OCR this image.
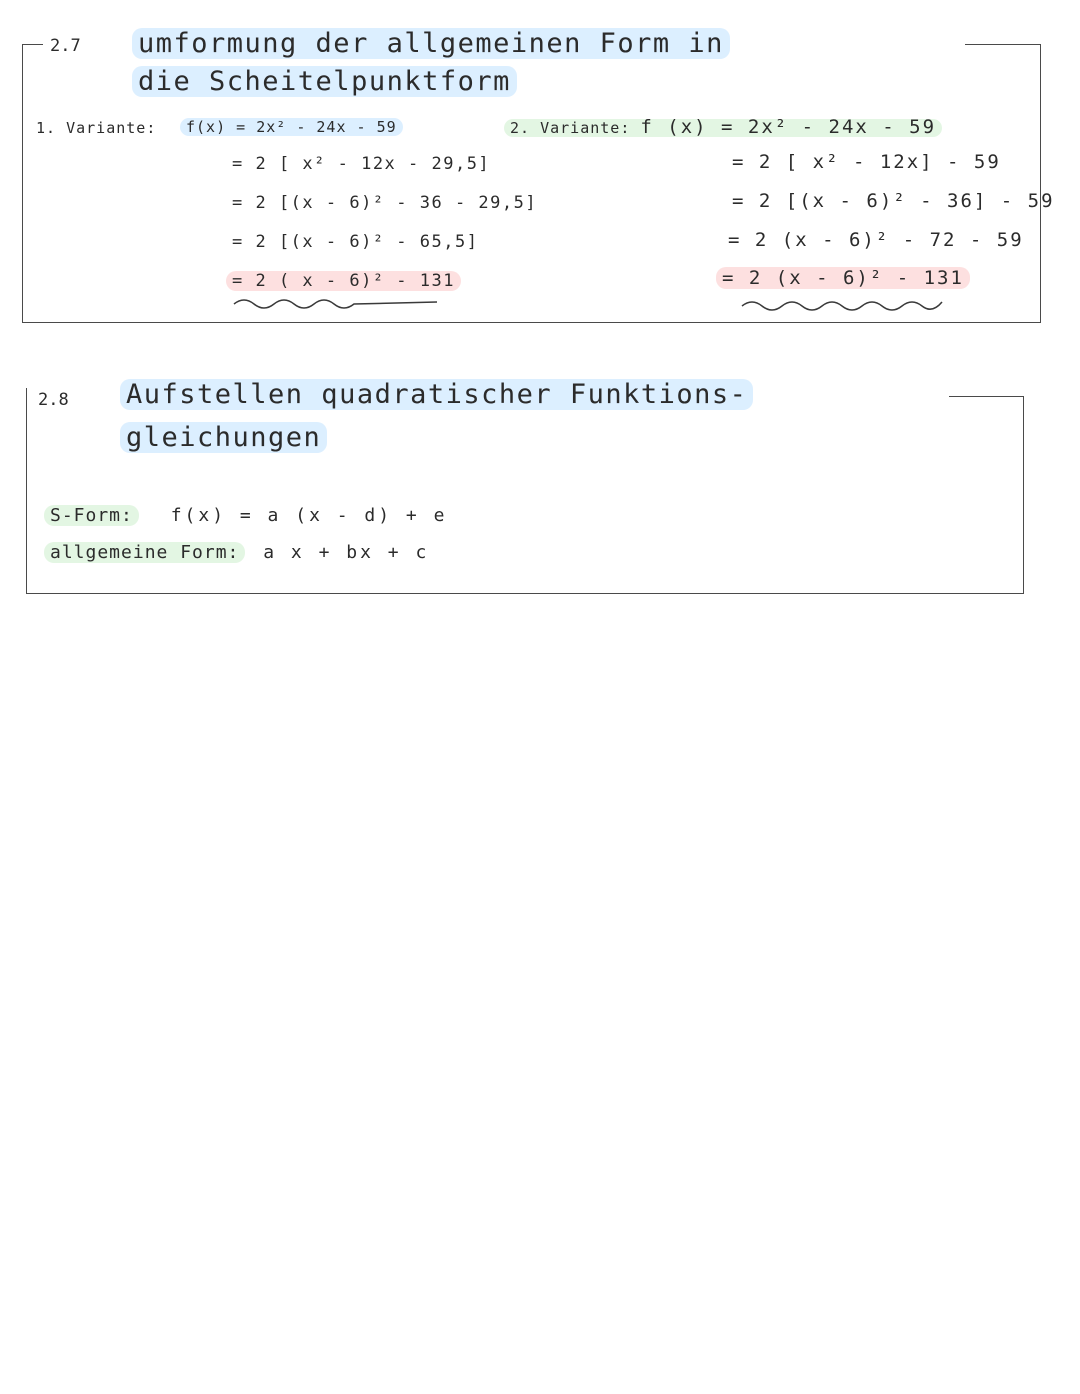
2.7 umformung der allgemeinen Form in
die Scheitelpunktform
1. Variante:	f(x) = 2x² - 24x - 59
= 2 [ x² - 12x - 29,5]
= 2 [(x - 6)² - 36 - 29,5]
= 2 [(x - 6)² - 65,5]
= 2 ( x - 6)² - 131
2. Variante: f (x) = 2x² - 24x - 59
= 2 [ x² - 12x] - 59
= 2 [(x - 6)² - 36] - 59
= 2 (x - 6)² - 72 - 59
= 2 (x - 6)² - 131
2.8 Aufstellen quadratischer Funktions-
gleichungen
S-Form: f(x) = a (x - d) + e
allgemeine Form: a x + bx + c
